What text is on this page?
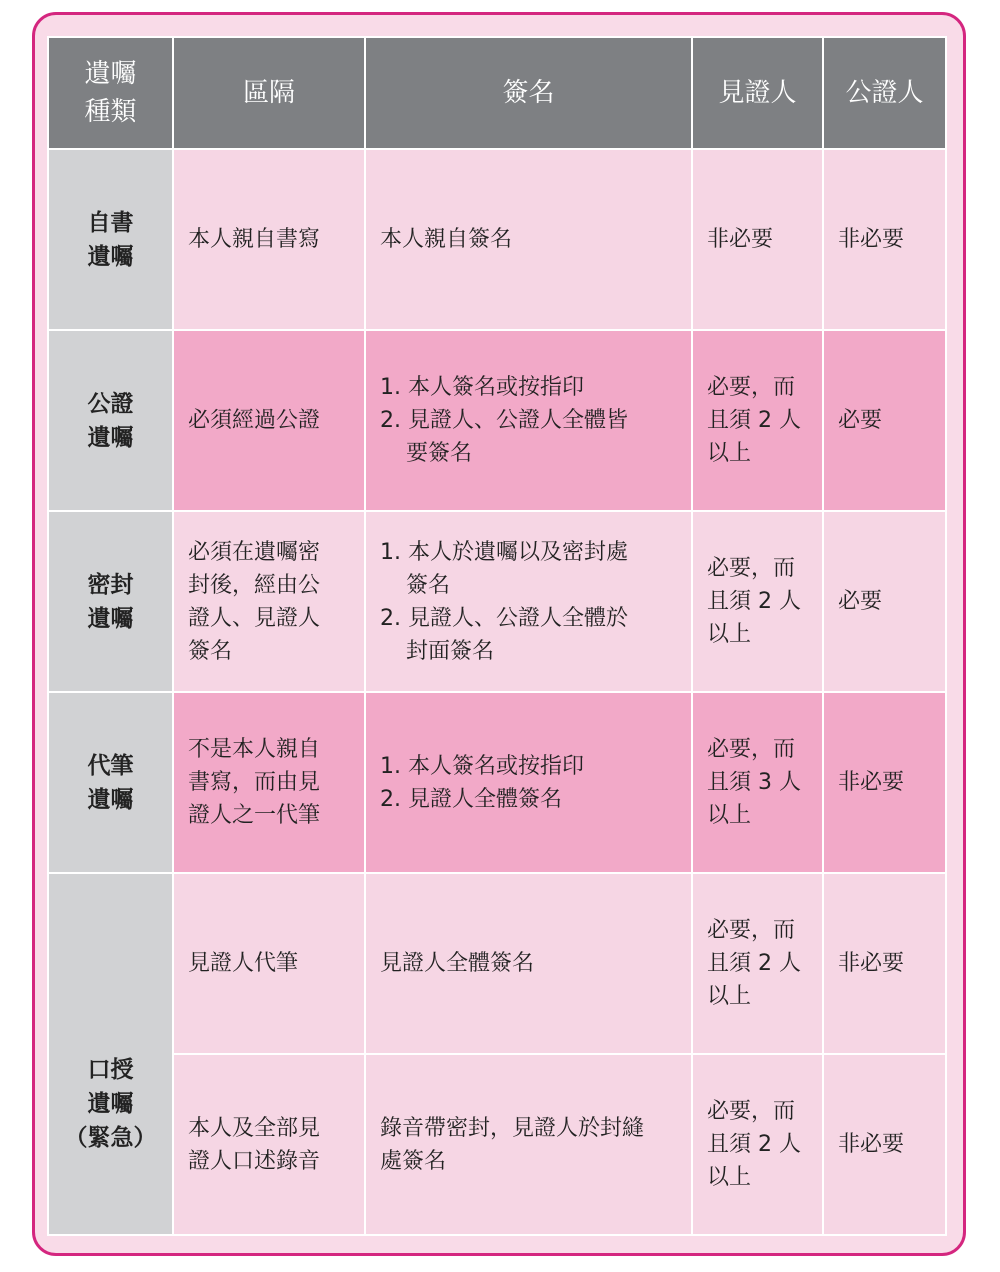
遺囑
種類	區隔	簽名	見證人	公證人

自書
遺囑	本人親自書寫	本人親自簽名	非必要	非必要

公證
遺囑	必須經過公證	1. 本人簽名或按指印
2. 見證人、公證人全體皆
要簽名	必要，而
且須 2 人
以上	必要

密封
遺囑	必須在遺囑密
封後，經由公
證人、見證人
簽名	1. 本人於遺囑以及密封處
簽名
2. 見證人、公證人全體於
封面簽名	必要，而
且須 2 人
以上	必要

代筆
遺囑	不是本人親自
書寫，而由見
證人之一代筆	1. 本人簽名或按指印
2. 見證人全體簽名	必要，而
且須 3 人
以上	非必要

口授
遺囑
（緊急）	見證人代筆	見證人全體簽名	必要，而
且須 2 人
以上	非必要

	本人及全部見
證人口述錄音	錄音帶密封，見證人於封縫
處簽名	必要，而
且須 2 人
以上	非必要
